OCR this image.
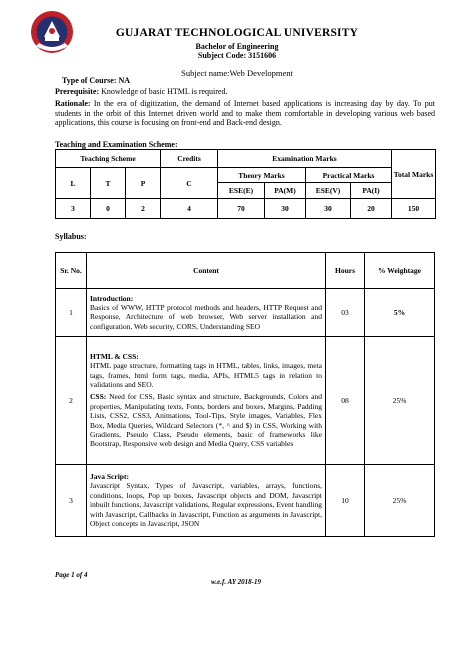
GUJARAT TECHNOLOGICAL UNIVERSITY
Bachelor of Engineering
Subject Code: 3151606
Subject name:Web Development
Type of Course: NA
Prerequisite: Knowledge of basic HTML is required.
Rationale: In the era of digitization, the demand of Internet based applications is increasing day by day. To put students in the orbit of this Internet driven world and to make them comfortable in developing various web based applications, this course is focusing on front-end and Back-end design.
Teaching and Examination Scheme:
Teaching Scheme			Credits	Examination Marks				Total Marks
L	T	P	C	Theory Marks		Practical Marks		
				ESE(E)	PA(M)	ESE(V)	PA(I)	
3	0	2	4	70	30	30	20	150
Syllabus:
Sr. No.	Content	Hours	% Weightage
1	Introduction:
Basics of WWW, HTTP protocol methods and headers, HTTP Request and Response, Architecture of web browser, Web server installation and configuration, Web security, CORS, Understanding SEO	03	5%
2	HTML & CSS:
HTML page structure, formatting tags in HTML, tables, links, images, meta tags, frames, html form tags, media, APIs, HTML5 tags in relation to validations and SEO.
CSS: Need for CSS, Basic syntax and structure, Backgrounds, Colors and properties, Manipulating texts, Fonts, borders and boxes, Margins, Padding Lists, CSS2, CSS3, Animations, Tool-Tips, Style images, Variables, Flex Box, Media Queries, Wildcard Selectors (*, ^ and $) in CSS, Working with Gradients, Pseudo Class, Pseudo elements, basic of frameworks like Bootstrap, Responsive web design and Media Query, CSS variables	08	25%
3	Java Script:
Javascript Syntax, Types of Javascript, variables, arrays, functions, conditions, loops, Pop up boxes, Javascript objects and DOM, Javascript inbuilt functions, Javascript validations, Regular expressions, Event handling with Javascript, Callbacks in Javascript, Function as arguments in Javascript, Object concepts in Javascript, JSON	10	25%
Page 1 of 4
w.e.f. AY 2018-19
